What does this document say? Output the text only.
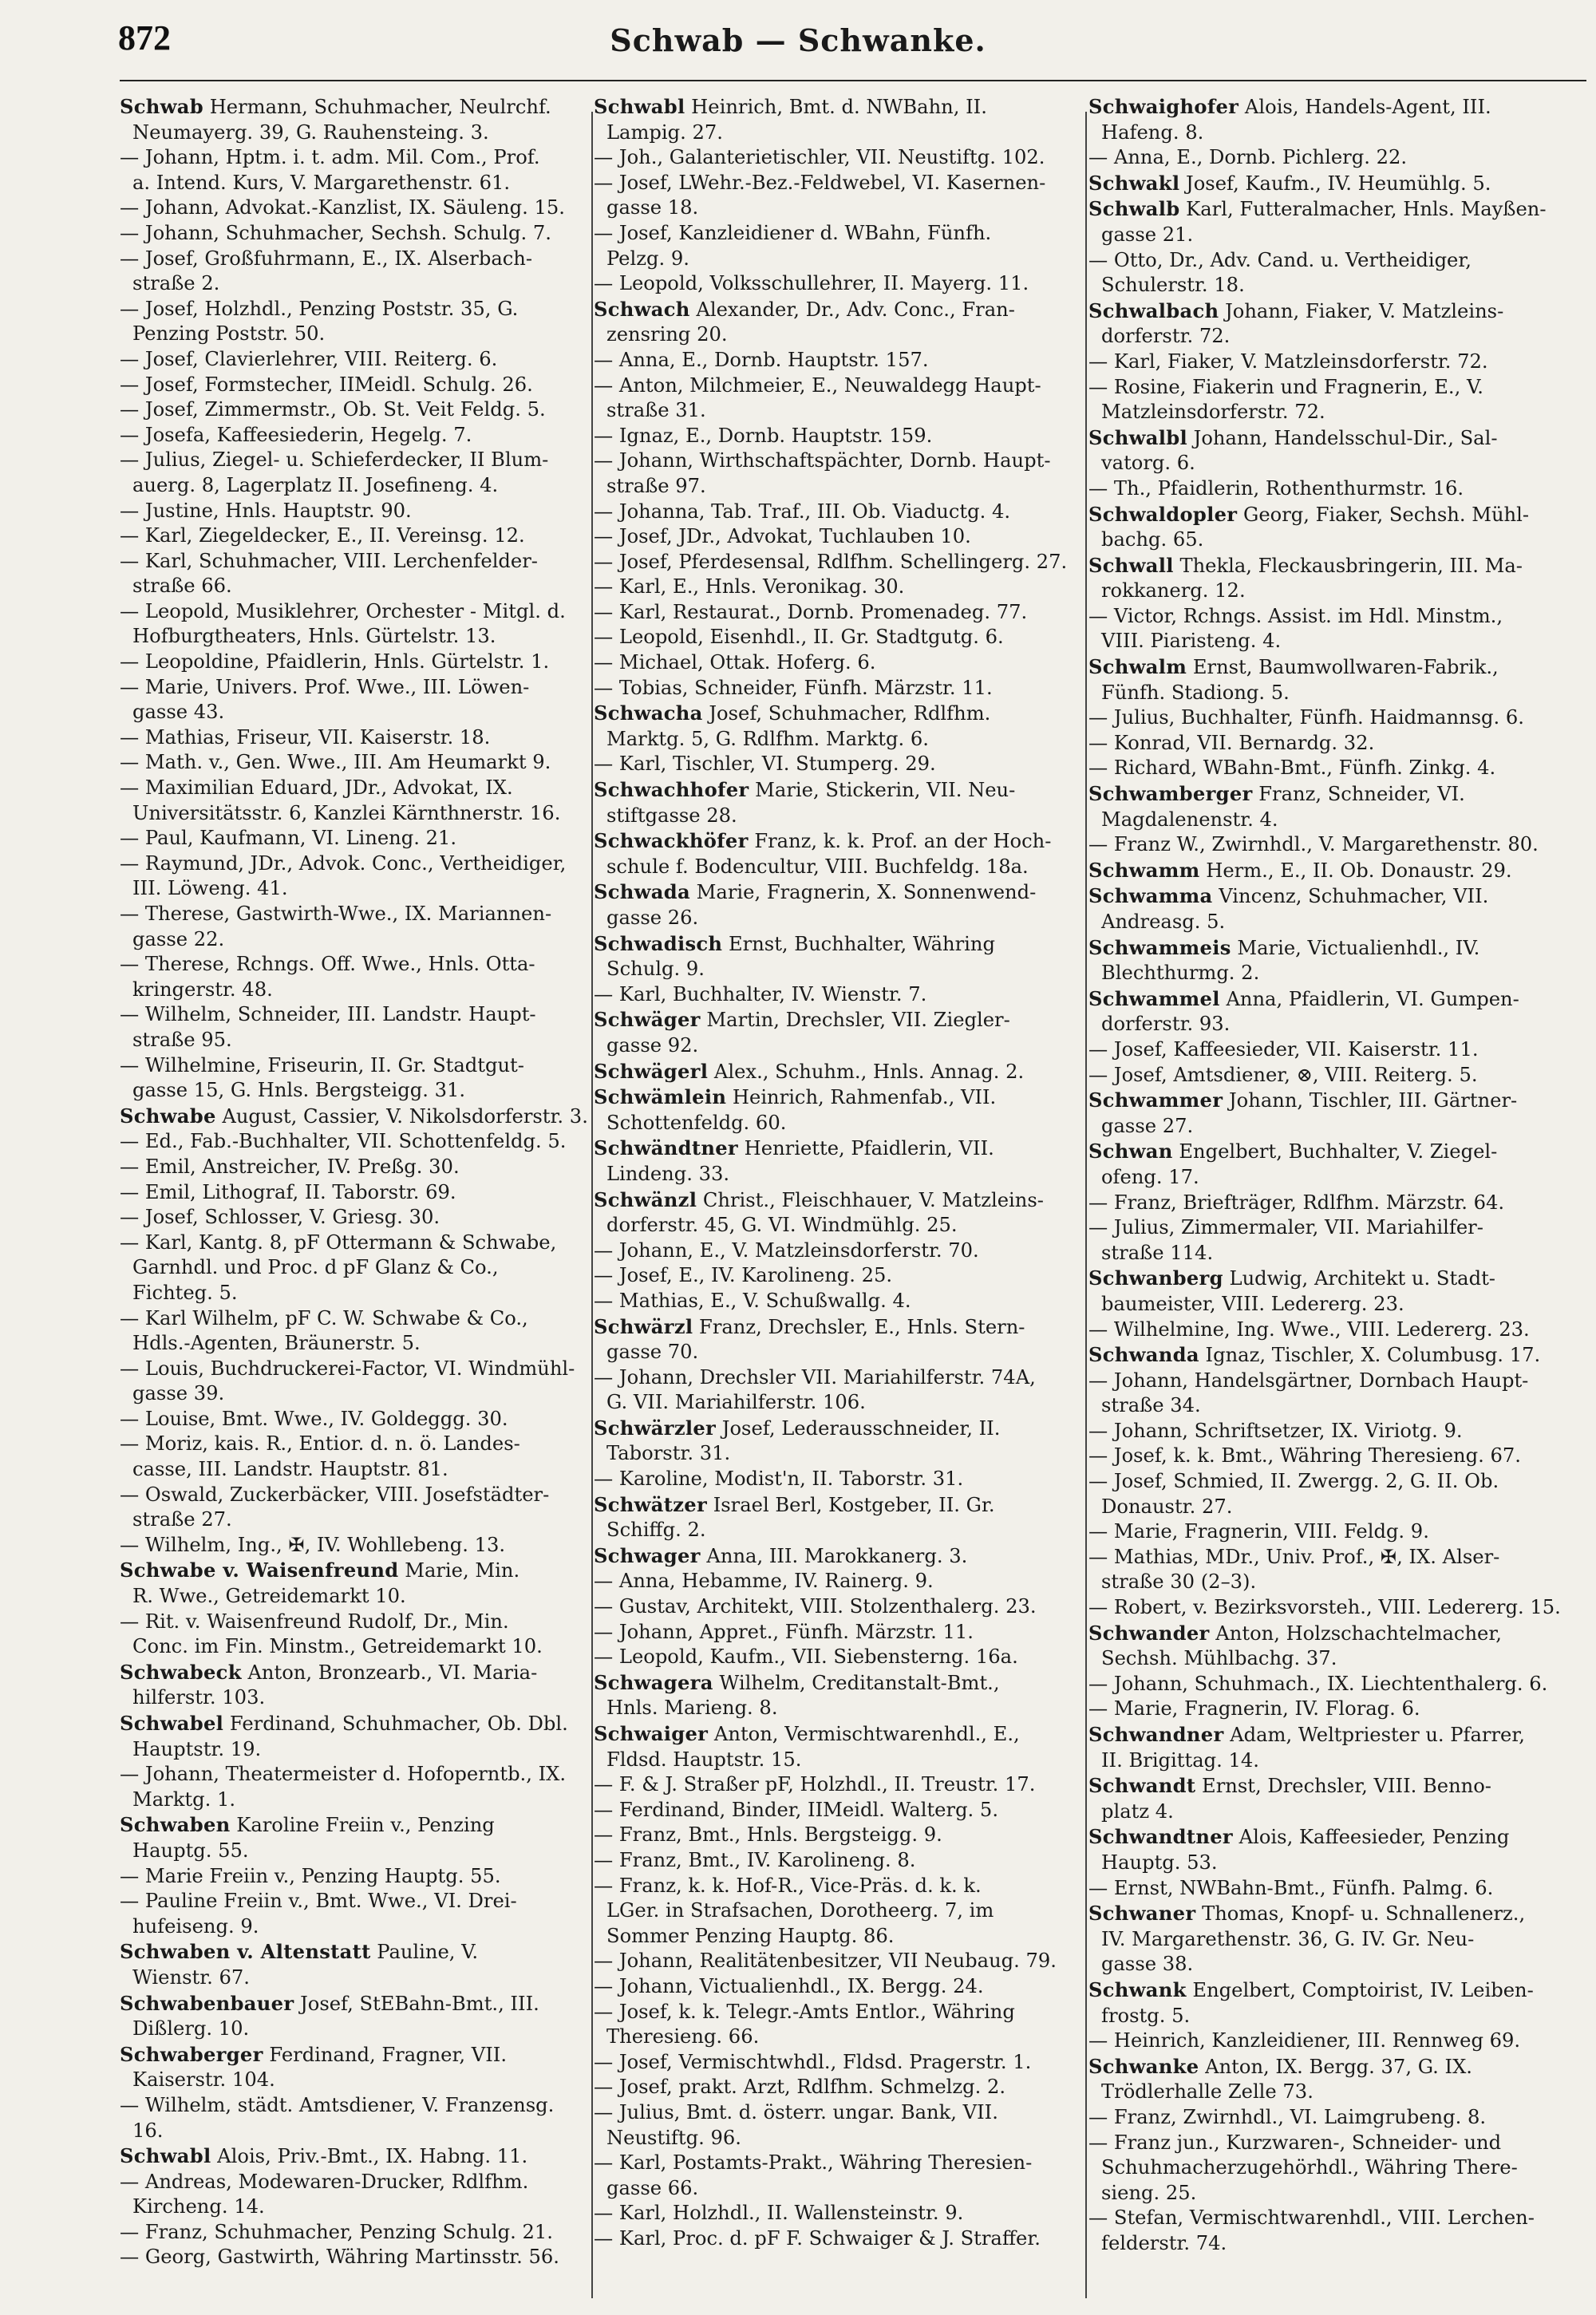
872	Schwab — Schwanke.

Schwab Hermann, Schuhmacher, Neulrchf.
Neumayerg. 39, G. Rauhensteing. 3.

— Johann, Hptm. i. t. adm. Mil. Com., Prof.
a. Intend. Kurs, V. Margarethenstr. 61.

— Johann, Advokat.-Kanzlist, IX. Säuleng. 15.

— Johann, Schuhmacher, Sechsh. Schulg. 7.

— Josef, Großfuhrmann, E., IX. Alserbach-
straße 2.

— Josef, Holzhdl., Penzing Poststr. 35, G.
Penzing Poststr. 50.

— Josef, Clavierlehrer, VIII. Reiterg. 6.

— Josef, Formstecher, IIMeidl. Schulg. 26.

— Josef, Zimmermstr., Ob. St. Veit Feldg. 5.

— Josefa, Kaffeesiederin, Hegelg. 7.

— Julius, Ziegel- u. Schieferdecker, II Blum-
auerg. 8, Lagerplatz II. Josefineng. 4.

— Justine, Hnls. Hauptstr. 90.

— Karl, Ziegeldecker, E., II. Vereinsg. 12.

— Karl, Schuhmacher, VIII. Lerchenfelder-
straße 66.

— Leopold, Musiklehrer, Orchester - Mitgl. d.
Hofburgtheaters, Hnls. Gürtelstr. 13.

— Leopoldine, Pfaidlerin, Hnls. Gürtelstr. 1.

— Marie, Univers. Prof. Wwe., III. Löwen-
gasse 43.

— Mathias, Friseur, VII. Kaiserstr. 18.

— Math. v., Gen. Wwe., III. Am Heumarkt 9.

— Maximilian Eduard, JDr., Advokat, IX.
Universitätsstr. 6, Kanzlei Kärnthnerstr. 16.

— Paul, Kaufmann, VI. Lineng. 21.

— Raymund, JDr., Advok. Conc., Vertheidiger,
III. Löweng. 41.

— Therese, Gastwirth-Wwe., IX. Mariannen-
gasse 22.

— Therese, Rchngs. Off. Wwe., Hnls. Otta-
kringerstr. 48.

— Wilhelm, Schneider, III. Landstr. Haupt-
straße 95.

— Wilhelmine, Friseurin, II. Gr. Stadtgut-
gasse 15, G. Hnls. Bergsteigg. 31.

Schwabe August, Cassier, V. Nikolsdorferstr. 3.

— Ed., Fab.-Buchhalter, VII. Schottenfeldg. 5.

— Emil, Anstreicher, IV. Preßg. 30.

— Emil, Lithograf, II. Taborstr. 69.

— Josef, Schlosser, V. Griesg. 30.

— Karl, Kantg. 8, pF Ottermann & Schwabe,
Garnhdl. und Proc. d pF Glanz & Co.,
Fichteg. 5.

— Karl Wilhelm, pF C. W. Schwabe & Co.,
Hdls.-Agenten, Bräunerstr. 5.

— Louis, Buchdruckerei-Factor, VI. Windmühl-
gasse 39.

— Louise, Bmt. Wwe., IV. Goldeggg. 30.

— Moriz, kais. R., Entior. d. n. ö. Landes-
casse, III. Landstr. Hauptstr. 81.

— Oswald, Zuckerbäcker, VIII. Josefstädter-
straße 27.

— Wilhelm, Ing., ✠, IV. Wohllebeng. 13.

Schwabe v. Waisenfreund Marie, Min.
R. Wwe., Getreidemarkt 10.

— Rit. v. Waisenfreund Rudolf, Dr., Min.
Conc. im Fin. Minstm., Getreidemarkt 10.

Schwabeck Anton, Bronzearb., VI. Maria-
hilferstr. 103.

Schwabel Ferdinand, Schuhmacher, Ob. Dbl.
Hauptstr. 19.

— Johann, Theatermeister d. Hofoperntb., IX.
Marktg. 1.

Schwaben Karoline Freiin v., Penzing
Hauptg. 55.

— Marie Freiin v., Penzing Hauptg. 55.

— Pauline Freiin v., Bmt. Wwe., VI. Drei-
hufeiseng. 9.

Schwaben v. Altenstatt Pauline, V.
Wienstr. 67.

Schwabenbauer Josef, StEBahn-Bmt., III.
Dißlerg. 10.

Schwaberger Ferdinand, Fragner, VII.
Kaiserstr. 104.

— Wilhelm, städt. Amtsdiener, V. Franzensg. 16.

Schwabl Alois, Priv.-Bmt., IX. Habng. 11.

— Andreas, Modewaren-Drucker, Rdlfhm.
Kircheng. 14.

— Franz, Schuhmacher, Penzing Schulg. 21.

— Georg, Gastwirth, Währing Martinsstr. 56.

Schwabl Heinrich, Bmt. d. NWBahn, II.
Lampig. 27.

— Joh., Galanterietischler, VII. Neustiftg. 102.

— Josef, LWehr.-Bez.-Feldwebel, VI. Kasernen-
gasse 18.

— Josef, Kanzleidiener d. WBahn, Fünfh.
Pelzg. 9.

— Leopold, Volksschullehrer, II. Mayerg. 11.

Schwach Alexander, Dr., Adv. Conc., Fran-
zensring 20.

— Anna, E., Dornb. Hauptstr. 157.

— Anton, Milchmeier, E., Neuwaldegg Haupt-
straße 31.

— Ignaz, E., Dornb. Hauptstr. 159.

— Johann, Wirthschaftspächter, Dornb. Haupt-
straße 97.

— Johanna, Tab. Traf., III. Ob. Viaductg. 4.

— Josef, JDr., Advokat, Tuchlauben 10.

— Josef, Pferdesensal, Rdlfhm. Schellingerg. 27.

— Karl, E., Hnls. Veronikag. 30.

— Karl, Restaurat., Dornb. Promenadeg. 77.

— Leopold, Eisenhdl., II. Gr. Stadtgutg. 6.

— Michael, Ottak. Hoferg. 6.

— Tobias, Schneider, Fünfh. Märzstr. 11.

Schwacha Josef, Schuhmacher, Rdlfhm.
Marktg. 5, G. Rdlfhm. Marktg. 6.

— Karl, Tischler, VI. Stumperg. 29.

Schwachhofer Marie, Stickerin, VII. Neu-
stiftgasse 28.

Schwackhöfer Franz, k. k. Prof. an der Hoch-
schule f. Bodencultur, VIII. Buchfeldg. 18a.

Schwada Marie, Fragnerin, X. Sonnenwend-
gasse 26.

Schwadisch Ernst, Buchhalter, Währing
Schulg. 9.

— Karl, Buchhalter, IV. Wienstr. 7.

Schwäger Martin, Drechsler, VII. Ziegler-
gasse 92.

Schwägerl Alex., Schuhm., Hnls. Annag. 2.

Schwämlein Heinrich, Rahmenfab., VII.
Schottenfeldg. 60.

Schwändtner Henriette, Pfaidlerin, VII.
Lindeng. 33.

Schwänzl Christ., Fleischhauer, V. Matzleins-
dorferstr. 45, G. VI. Windmühlg. 25.

— Johann, E., V. Matzleinsdorferstr. 70.

— Josef, E., IV. Karolineng. 25.

— Mathias, E., V. Schußwallg. 4.

Schwärzl Franz, Drechsler, E., Hnls. Stern-
gasse 70.

— Johann, Drechsler VII. Mariahilferstr. 74A,
G. VII. Mariahilferstr. 106.

Schwärzler Josef, Lederausschneider, II.
Taborstr. 31.

— Karoline, Modist'n, II. Taborstr. 31.

Schwätzer Israel Berl, Kostgeber, II. Gr.
Schiffg. 2.

Schwager Anna, III. Marokkanerg. 3.

— Anna, Hebamme, IV. Rainerg. 9.

— Gustav, Architekt, VIII. Stolzenthalerg. 23.

— Johann, Appret., Fünfh. Märzstr. 11.

— Leopold, Kaufm., VII. Siebensterng. 16a.

Schwagera Wilhelm, Creditanstalt-Bmt.,
Hnls. Marieng. 8.

Schwaiger Anton, Vermischtwarenhdl., E.,
Fldsd. Hauptstr. 15.

— F. & J. Straßer pF, Holzhdl., II. Treustr. 17.

— Ferdinand, Binder, IIMeidl. Walterg. 5.

— Franz, Bmt., Hnls. Bergsteigg. 9.

— Franz, Bmt., IV. Karolineng. 8.

— Franz, k. k. Hof-R., Vice-Präs. d. k. k.
LGer. in Strafsachen, Dorotheerg. 7, im
Sommer Penzing Hauptg. 86.

— Johann, Realitätenbesitzer, VII Neubaug. 79.

— Johann, Victualienhdl., IX. Bergg. 24.

— Josef, k. k. Telegr.-Amts Entlor., Währing
Theresieng. 66.

— Josef, Vermischtwhdl., Fldsd. Pragerstr. 1.

— Josef, prakt. Arzt, Rdlfhm. Schmelzg. 2.

— Julius, Bmt. d. österr. ungar. Bank, VII.
Neustiftg. 96.

— Karl, Postamts-Prakt., Währing Theresien-
gasse 66.

— Karl, Holzhdl., II. Wallensteinstr. 9.

— Karl, Proc. d. pF F. Schwaiger & J. Straffer.

Schwaighofer Alois, Handels-Agent, III.
Hafeng. 8.

— Anna, E., Dornb. Pichlerg. 22.

Schwakl Josef, Kaufm., IV. Heumühlg. 5.

Schwalb Karl, Futteralmacher, Hnls. Mayßen-
gasse 21.

— Otto, Dr., Adv. Cand. u. Vertheidiger,
Schulerstr. 18.

Schwalbach Johann, Fiaker, V. Matzleins-
dorferstr. 72.

— Karl, Fiaker, V. Matzleinsdorferstr. 72.

— Rosine, Fiakerin und Fragnerin, E., V.
Matzleinsdorferstr. 72.

Schwalbl Johann, Handelsschul-Dir., Sal-
vatorg. 6.

— Th., Pfaidlerin, Rothenthurmstr. 16.

Schwaldopler Georg, Fiaker, Sechsh. Mühl-
bachg. 65.

Schwall Thekla, Fleckausbringerin, III. Ma-
rokkanerg. 12.

— Victor, Rchngs. Assist. im Hdl. Minstm.,
VIII. Piaristeng. 4.

Schwalm Ernst, Baumwollwaren-Fabrik.,
Fünfh. Stadiong. 5.

— Julius, Buchhalter, Fünfh. Haidmannsg. 6.

— Konrad, VII. Bernardg. 32.

— Richard, WBahn-Bmt., Fünfh. Zinkg. 4.

Schwamberger Franz, Schneider, VI.
Magdalenenstr. 4.

— Franz W., Zwirnhdl., V. Margarethenstr. 80.

Schwamm Herm., E., II. Ob. Donaustr. 29.

Schwamma Vincenz, Schuhmacher, VII.
Andreasg. 5.

Schwammeis Marie, Victualienhdl., IV.
Blechthurmg. 2.

Schwammel Anna, Pfaidlerin, VI. Gumpen-
dorferstr. 93.

— Josef, Kaffeesieder, VII. Kaiserstr. 11.

— Josef, Amtsdiener, ⊗, VIII. Reiterg. 5.

Schwammer Johann, Tischler, III. Gärtner-
gasse 27.

Schwan Engelbert, Buchhalter, V. Ziegel-
ofeng. 17.

— Franz, Briefträger, Rdlfhm. Märzstr. 64.

— Julius, Zimmermaler, VII. Mariahilfer-
straße 114.

Schwanberg Ludwig, Architekt u. Stadt-
baumeister, VIII. Ledererg. 23.

— Wilhelmine, Ing. Wwe., VIII. Ledererg. 23.

Schwanda Ignaz, Tischler, X. Columbusg. 17.

— Johann, Handelsgärtner, Dornbach Haupt-
straße 34.

— Johann, Schriftsetzer, IX. Viriotg. 9.

— Josef, k. k. Bmt., Währing Theresieng. 67.

— Josef, Schmied, II. Zwergg. 2, G. II. Ob.
Donaustr. 27.

— Marie, Fragnerin, VIII. Feldg. 9.

— Mathias, MDr., Univ. Prof., ✠, IX. Alser-
straße 30 (2–3).

— Robert, v. Bezirksvorsteh., VIII. Ledererg. 15.

Schwander Anton, Holzschachtelmacher,
Sechsh. Mühlbachg. 37.

— Johann, Schuhmach., IX. Liechtenthalerg. 6.

— Marie, Fragnerin, IV. Florag. 6.

Schwandner Adam, Weltpriester u. Pfarrer,
II. Brigittag. 14.

Schwandt Ernst, Drechsler, VIII. Benno-
platz 4.

Schwandtner Alois, Kaffeesieder, Penzing
Hauptg. 53.

— Ernst, NWBahn-Bmt., Fünfh. Palmg. 6.

Schwaner Thomas, Knopf- u. Schnallenerz.,
IV. Margarethenstr. 36, G. IV. Gr. Neu-
gasse 38.

Schwank Engelbert, Comptoirist, IV. Leiben-
frostg. 5.

— Heinrich, Kanzleidiener, III. Rennweg 69.

Schwanke Anton, IX. Bergg. 37, G. IX.
Trödlerhalle Zelle 73.

— Franz, Zwirnhdl., VI. Laimgrubeng. 8.

— Franz jun., Kurzwaren-, Schneider- und
Schuhmacherzugehörhdl., Währing There-
sieng. 25.

— Stefan, Vermischtwarenhdl., VIII. Lerchen-
felderstr. 74.
